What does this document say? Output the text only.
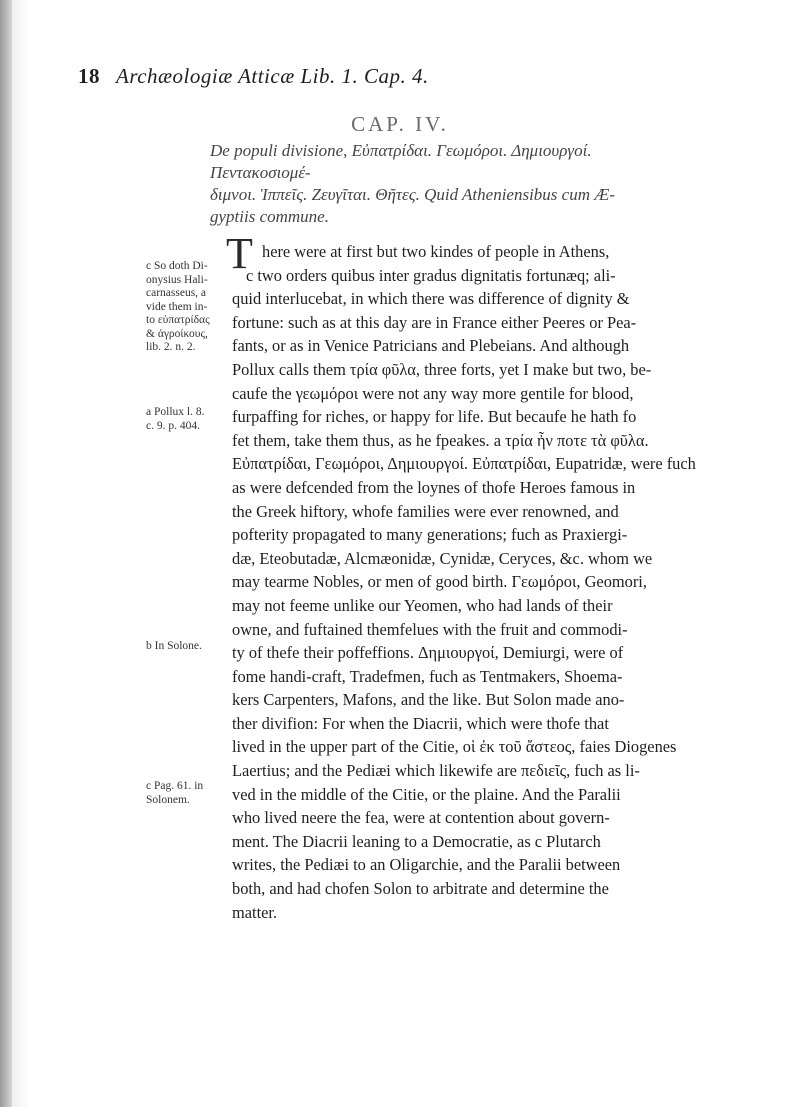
18 Archæologiæ Atticæ Lib. 1. Cap. 4.
CAP. IV.
De populi divisione, Εὐπατρίδαι. Γεωμόροι. Δημιουργοί. Πεντακοσιομέ-
διμνοι. Ἱππεῖς. Ζευγῖται. Θῆτες. Quid Atheniensibus cum Æ-
gyptiis commune.
c So doth Di-
onysius Hali-
carnasseus, a
vide them in-
to εὐπατρίδας
& ἀγροίκους,
lib. 2. n. 2.
a Pollux l. 8.
c. 9. p. 404.
b In Solone.
c Pag. 61. in
Solonem.
T here were at first but two kindes of people in Athens,
c two orders quibus inter gradus dignitatis fortunæq; ali-
quid interlucebat, in which there was difference of dignity &
fortune: such as at this day are in France either Peeres or Pea-
fants, or as in Venice Patricians and Plebeians. And although
Pollux calls them τρία φῦλα, three forts, yet I make but two, be-
caufe the γεωμόροι were not any way more gentile for blood,
furpaffing for riches, or happy for life. But becaufe he hath fo
fet them, take them thus, as he fpeakes. a τρία ἦν ποτε τὰ φῦλα.
Εὐπατρίδαι, Γεωμόροι, Δημιουργοί. Εὐπατρίδαι, Eupatridæ, were fuch
as were defcended from the loynes of thofe Heroes famous in
the Greek hiftory, whofe families were ever renowned, and
pofterity propagated to many generations; fuch as Praxiergi-
dæ, Eteobutadæ, Alcmæonidæ, Cynidæ, Ceryces, &c. whom we
may tearme Nobles, or men of good birth. Γεωμόροι, Geomori,
may not feeme unlike our Yeomen, who had lands of their
owne, and fuftained themfelues with the fruit and commodi-
ty of thefe their poffeffions. Δημιουργοί, Demiurgi, were of
fome handi-craft, Tradefmen, fuch as Tentmakers, Shoema-
kers Carpenters, Mafons, and the like. But Solon made ano-
ther divifion: For when the Diacrii, which were thofe that
lived in the upper part of the Citie, οἱ ἐκ τοῦ ἄστεος, faies Diogenes
Laertius; and the Pediæi which likewife are πεδιεῖς, fuch as li-
ved in the middle of the Citie, or the plaine. And the Paralii
who lived neere the fea, were at contention about govern-
ment. The Diacrii leaning to a Democratie, as c Plutarch
writes, the Pediæi to an Oligarchie, and the Paralii between
both, and had chofen Solon to arbitrate and determine the
matter.
